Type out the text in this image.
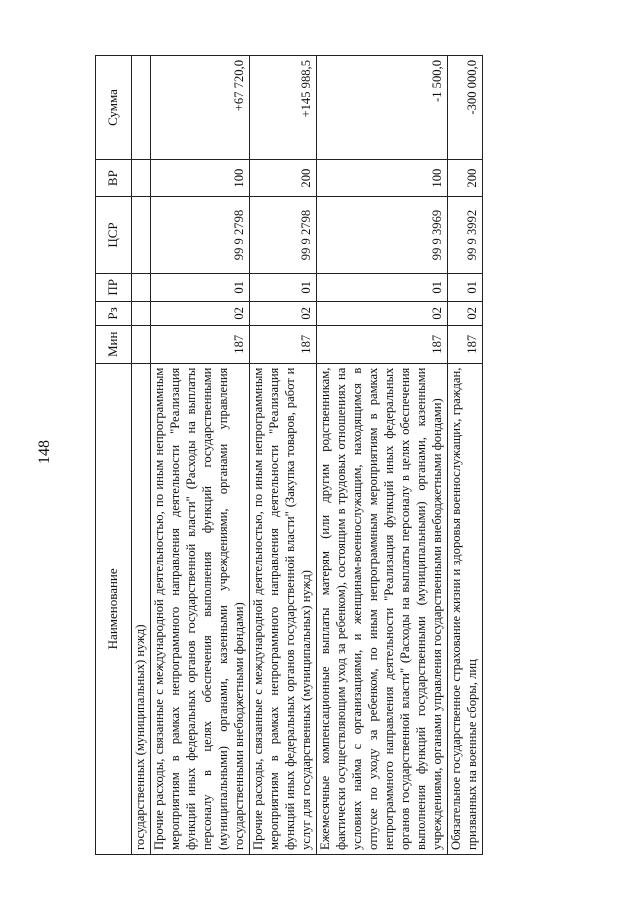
148
Наименование	Мин	Рз	ПР	ЦСР	ВР	Сумма
государственных (муниципальных) нужд)						
Прочие расходы, связанные с международной деятельностью, по иным непрограммным мероприятиям в рамках непрограммного направления деятельности "Реализация функций иных федеральных органов государственной власти" (Расходы на выплаты персоналу в целях обеспечения выполнения функций государственными (муниципальными) органами, казенными учреждениями, органами управления государственными внебюджетными фондами)	187	02	01	99 9 2798	100	+67 720,0
Прочие расходы, связанные с международной деятельностью, по иным непрограммным мероприятиям в рамках непрограммного направления деятельности "Реализация функций иных федеральных органов государственной власти" (Закупка товаров, работ и услуг для государственных (муниципальных) нужд)	187	02	01	99 9 2798	200	+145 988,5
Ежемесячные компенсационные выплаты матерям (или другим родственникам, фактически осуществляющим уход за ребенком), состоящим в трудовых отношениях на условиях найма с организациями, и женщинам-военнослужащим, находящимся в отпуске по уходу за ребенком, по иным непрограммным мероприятиям в рамках непрограммного направления деятельности "Реализация функций иных федеральных органов государственной власти" (Расходы на выплаты персоналу в целях обеспечения выполнения функций государственными (муниципальными) органами, казенными учреждениями, органами управления государственными внебюджетными фондами)	187	02	01	99 9 3969	100	-1 500,0
Обязательное государственное страхование жизни и здоровья военнослужащих, граждан, призванных на военные сборы, лиц	187	02	01	99 9 3992	200	-300 000,0
